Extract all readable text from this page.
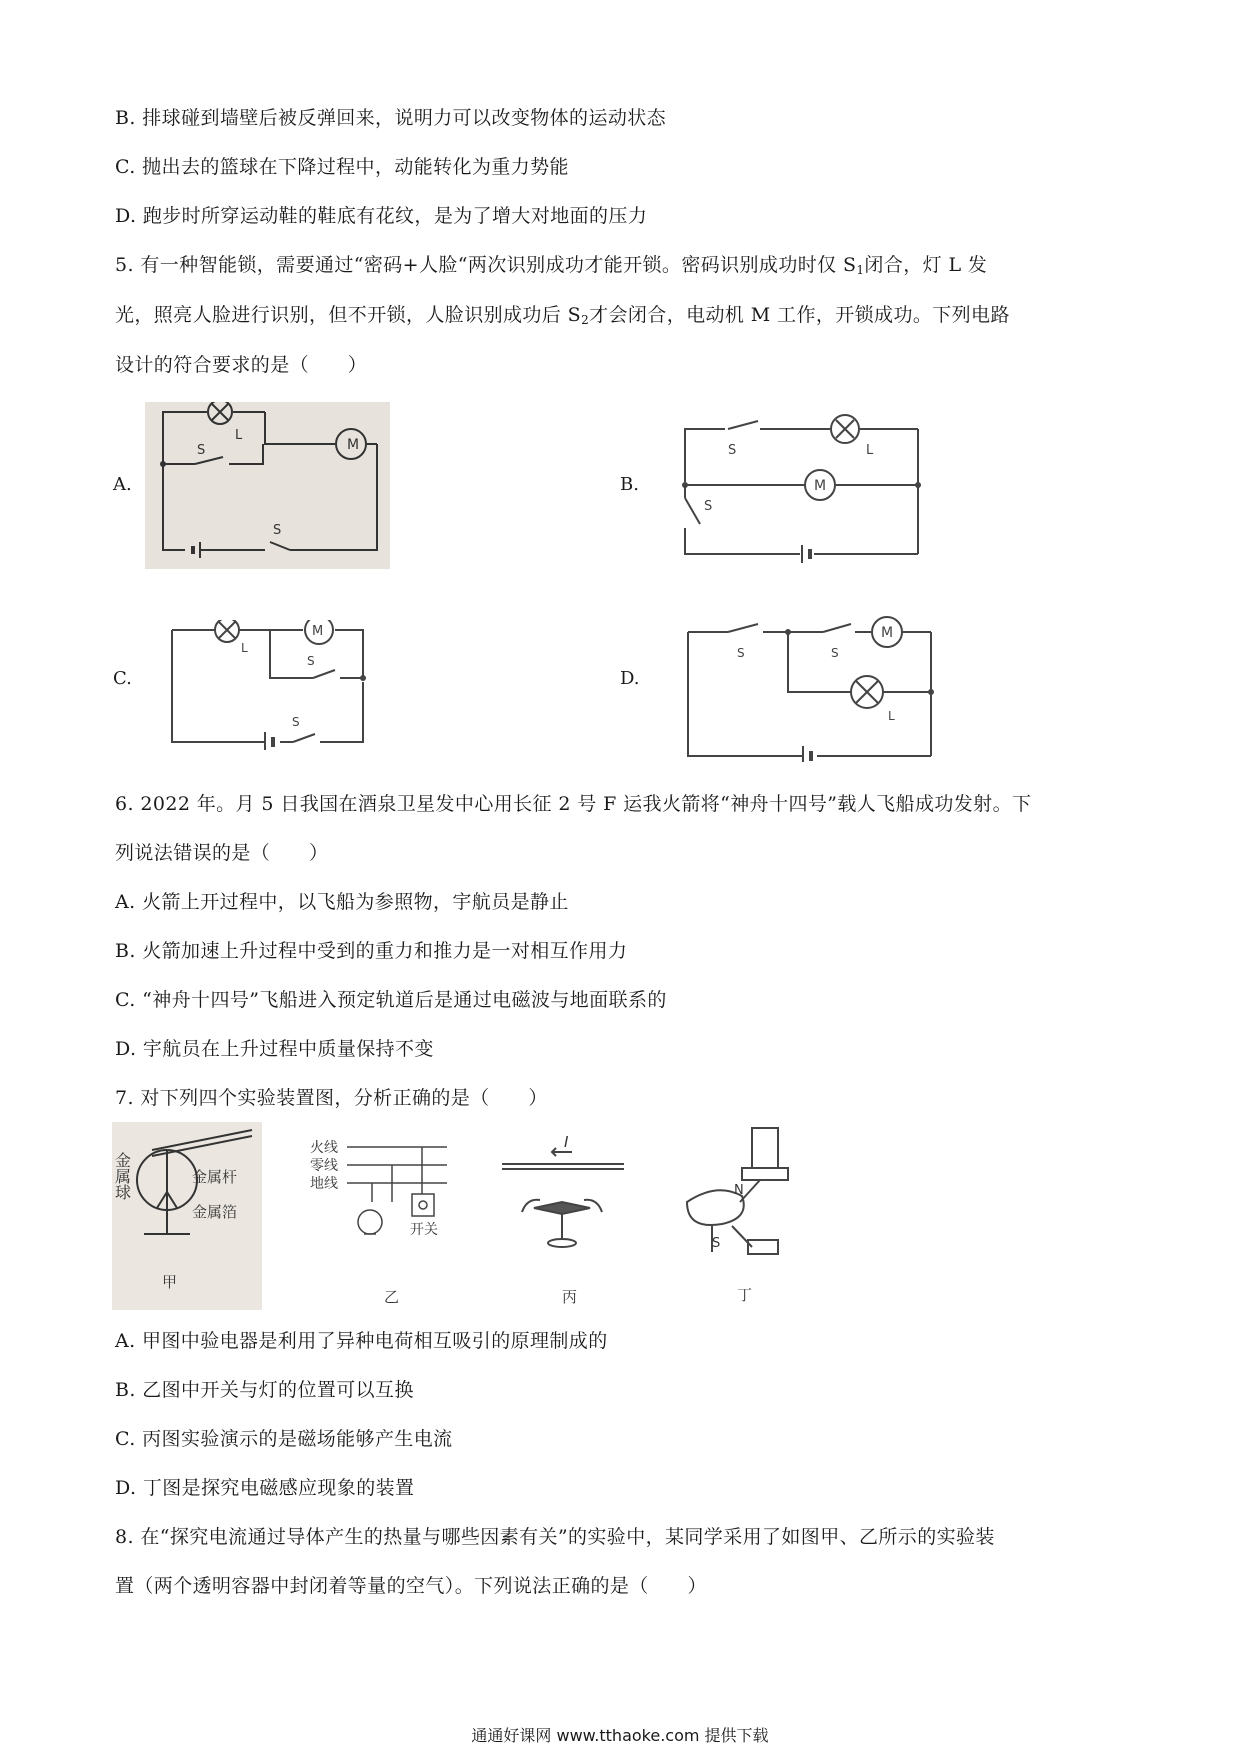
B. 排球碰到墙壁后被反弹回来，说明力可以改变物体的运动状态
C. 抛出去的篮球在下降过程中，动能转化为重力势能
D. 跑步时所穿运动鞋的鞋底有花纹，是为了增大对地面的压力
5. 有一种智能锁，需要通过“密码+人脸“两次识别成功才能开锁。密码识别成功时仅 $S_1$闭合，灯 L 发
光，照亮人脸进行识别，但不开锁，人脸识别成功后 $S_2$才会闭合，电动机 M 工作，开锁成功。下列电路
设计的符合要求的是（　　）
A.	B.
C.	D.
M
L
S
S
M
L
S
S
M
L
S
S
M
L
S	S
6. 2022 年。月 5 日我国在酒泉卫星发中心用长征 2 号 F 运我火箭将“神舟十四号”载人飞船成功发射。下
列说法错误的是（　　）
A. 火箭上开过程中，以飞船为参照物，宇航员是静止
B. 火箭加速上升过程中受到的重力和推力是一对相互作用力
C. “神舟十四号”飞船进入预定轨道后是通过电磁波与地面联系的
D. 宇航员在上升过程中质量保持不变
7. 对下列四个实验装置图，分析正确的是（　　）
金属球	金属杆
金属箔
甲
火线
零线
地线
开关
乙
I
丙
N
S
丁
A. 甲图中验电器是利用了异种电荷相互吸引的原理制成的
B. 乙图中开关与灯的位置可以互换
C. 丙图实验演示的是磁场能够产生电流
D. 丁图是探究电磁感应现象的装置
8. 在“探究电流通过导体产生的热量与哪些因素有关”的实验中，某同学采用了如图甲、乙所示的实验装
置（两个透明容器中封闭着等量的空气）。下列说法正确的是（　　）
通通好课网 www.tthaoke.com 提供下载
